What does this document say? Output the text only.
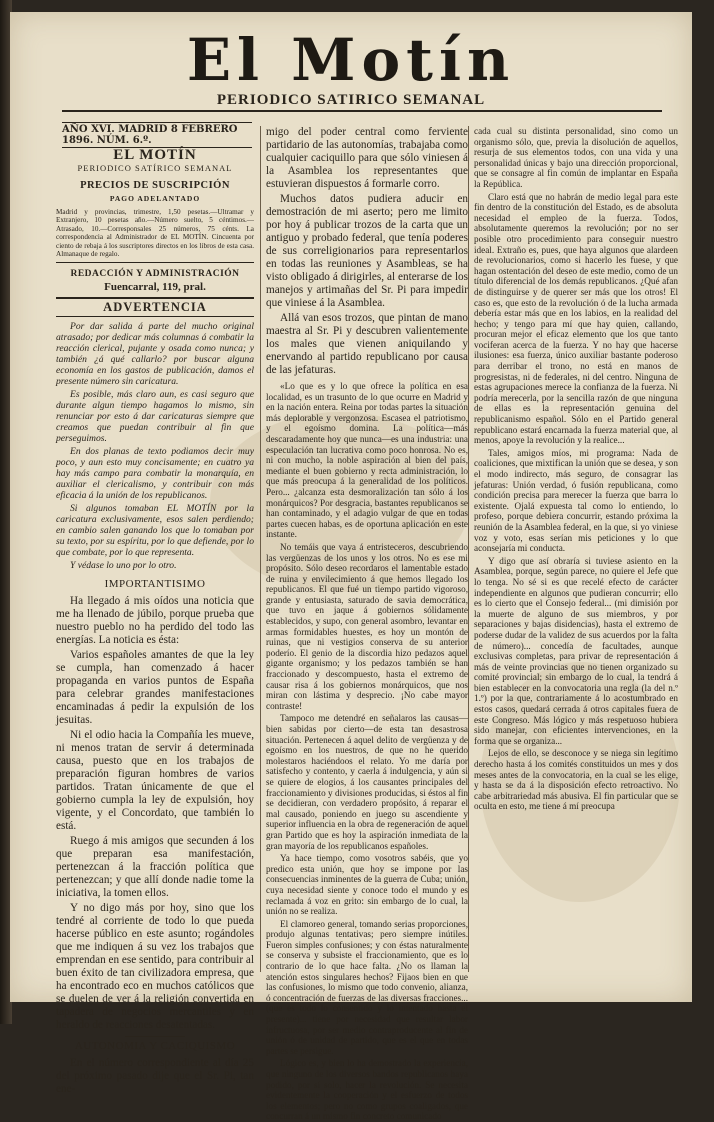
El Motín
PERIODICO SATIRICO SEMANAL
AÑO XVI. MADRID 8 FEBRERO 1896. NÚM. 6.º.
EL MOTÍN
PERIODICO SATÍRICO SEMANAL
PRECIOS DE SUSCRIPCIÓN
PAGO ADELANTADO
Madrid y provincias, trimestre, 1,50 pesetas.—Ultramar y Extranjero, 10 pesetas año.—Número suelto, 5 céntimos.—Atrasado, 10.—Corresponsales 25 números, 75 cénts. La correspondencia al Administrador de EL MOTÍN. Cincuenta por ciento de rebaja á los suscriptores directos en los libros de esta casa. Almanaque de regalo.
REDACCIÓN Y ADMINISTRACIÓN
Fuencarral, 119, pral.
ADVERTENCIA

Por dar salida á parte del mucho original atrasado; por dedicar más columnas á combatir la reacción clerical, pujante y osada como nunca; y también ¿á qué callarlo? por buscar alguna economía en los gastos de publicación, damos el presente número sin caricatura.

Es posible, más claro aun, es casi seguro que durante algun tiempo hagamos lo mismo, sin renunciar por esto á dar caricaturas siempre que creamos que puedan contribuir al fin que perseguimos.

En dos planas de texto podiamos decir muy poco, y aun esto muy concisamente; en cuatro ya hay más campo para combatir la monarquía, en auxiliar el clericalismo, y contribuir con más eficacia á la unión de los republicanos.

Si algunos tomaban EL MOTÍN por la caricatura exclusivamente, esos salen perdiendo; en cambio salen ganando los que lo tomaban por su texto, por su espíritu, por lo que defiende, por lo que combate, por lo que representa.

Y védase lo uno por lo otro.

IMPORTANTISIMO

Ha llegado á mis oídos una noticia que me ha llenado de júbilo, porque prueba que nuestro pueblo no ha perdido del todo las energías. La noticia es ésta:

Varios españoles amantes de que la ley se cumpla, han comenzado á hacer propaganda en varios puntos de España para celebrar grandes manifestaciones encaminadas á pedir la expulsión de los jesuitas.

Ni el odio hacia la Compañía les mueve, ni menos tratan de servir á determinada causa, puesto que en los trabajos de preparación figuran hombres de varios partidos. Tratan únicamente de que el gobierno cumpla la ley de expulsión, hoy vigente, y el Concordato, que también lo está.

Ruego á mis amigos que secunden á los que preparan esa manifestación, pertenezcan á la fracción política que pertenezcan; y que allí donde nadie tome la iniciativa, la tomen ellos.

Y no digo más por hoy, sino que los tendré al corriente de todo lo que pueda hacerse público en este asunto; rogándoles que me indiquen á su vez los trabajos que emprendan en ese sentido, para contribuir al buen éxito de tan civilizadora empresa, que ha encontrado eco en muchos católicos que se duelen de ver á la religión convertida en tapadera de negocios mercantiles y en heraldo de reacciones desatentadas.

AUTONOMIA Y CACIQUISMO

En el número correspondiente al día 25 del próximo pasado dije que el Sr. Pi, tan ene-

migo del poder central como ferviente partidario de las autonomías, trabajaba como cualquier caciquillo para que sólo viniesen á la Asamblea los representantes que estuvieran dispuestos á formarle corro.

Muchos datos pudiera aducir en demostración de mi aserto; pero me limito por hoy á publicar trozos de la carta que un antiguo y probado federal, que tenía poderes de sus correligionarios para representarlos en todas las reuniones y Asambleas, se ha visto obligado á dirigirles, al enterarse de los manejos y artimañas del Sr. Pi para impedir que viniese á la Asamblea.

Allá van esos trozos, que pintan de mano maestra al Sr. Pi y descubren valientemente los males que vienen aniquilando y enervando al partido republicano por causa de las jefaturas.

«Lo que es y lo que ofrece la política en esa localidad, es un trasunto de lo que ocurre en Madrid y en la nación entera. Reina por todas partes la situación más deplorable y vergonzosa. Escasea el patriotismo, y el egoísmo domina. La política—más descaradamente hoy que nunca—es una industria: una especulación tan lucrativa como poco honrosa. No es, ni con mucho, la noble aspiración al bien del país, mediante el buen gobierno y recta administración, lo que más preocupa á la generalidad de los políticos. Pero... ¿alcanza esta desmoralización tan sólo á los monárquicos? Por desgracia, bastantes republicanos se han contaminado, y el adagio vulgar de que en todas partes cuecen habas, es de oportuna aplicación en este instante.

No temáis que vaya á entristeceros, descubriendo las vergüenzas de los unos y los otros. No es ese mi propósito. Sólo deseo recordaros el lamentable estado de ruina y envilecimiento á que hemos llegado los republicanos. El que fué un tiempo partido vigoroso, grande y entusiasta, saturado de savia democrática, que tuvo en jaque á gobiernos sólidamente establecidos, y supo, con general asombro, levantar en armas formidables huestes, es hoy un montón de ruinas, que ni vestigios conserva de su anterior poderío. El genio de la discordia hizo pedazos aquel gigante organismo; y los pedazos también se han fraccionado y descompuesto, hasta el extremo de causar risa á los gobiernos monárquicos, que nos miran con lástima y desprecio. ¡No cabe mayor contraste!

Tampoco me detendré en señalaros las causas—bien sabidas por cierto—de esta tan desastrosa situación. Pertenecen á aquel delito de vergüenza y de egoísmo en los nuestros, de que no he querido molestaros haciéndoos el relato. Yo me daría por satisfecho y contento, y caerla á indulgencia, y aún si se quiere de elogios, á los causantes principales del fraccionamiento y divisiones producidas, si éstos al fin se decidieran, con verdadero propósito, á reparar el mal causado, poniendo en juego su ascendiente y superior influencia en la obra de regeneración de aquel gran Partido que es hoy la aspiración inmediata de la gran mayoría de los republicanos españoles.

Ya hace tiempo, como vosotros sabéis, que yo predico esta unión, que hoy se impone por las consecuencias inminentes de la guerra de Cuba; unión, cuya necesidad siente y conoce todo el mundo y es reclamada á voz en grito: sin embargo de lo cual, la unión no se realiza.

El clamoreo general, tomando serias proporciones, produjo algunas tentativas; pero siempre inútiles. Fueron simples confusiones; y con éstas naturalmente se conserva y subsiste el fraccionamiento, que es lo contrario de lo que hace falta. ¿No os llaman la atención estos singulares hechos? Fijaos bien en que las confusiones, lo mismo que todo convenio, alianza, ó concentración de fuerzas de las diversas fracciones... (que es todo lo consentido y lo intentado hasta el presente)... tiene por necesidad que resultar labor infructuosa, por ser medio contraproducente al fin de unión ó de unidad de partido, que es el que en todas partes se persigue.

Lógico es, y bien lo ha demostrado la experiencia, que ninguno de los diversos bandos republicanos haya podido, por sí solo, hacer la revolución. Se necesita evidentemente la cooperación y el esfuerzo de todos los elementos; pero no como grupos coaligados, que concurran á un mismo fin concreto comunicado

cada cual su distinta personalidad, sino como un organismo sólo, que, previa la disolución de aquellos, resurja de sus elementos todos, con una vida y una personalidad únicas y bajo una dirección proporcional, que se consagre al fin común de implantar en España la República.

Claro está que no habrán de medio legal para este fin dentro de la constitución del Estado, es de absoluta necesidad el empleo de la fuerza. Todos, absolutamente queremos la revolución; por no ser posible otro procedimiento para conseguir nuestro ideal. Extraño es, pues, que haya algunos que alardeen de revolucionarios, como si hacerlo les fuese, y que hagan ostentación del deseo de este medio, como de un título diferencial de los demás republicanos. ¿Qué afan de distinguirse y de querer ser más que los otros! El caso es, que esto de la revolución ó de la lucha armada debería estar más que en los labios, en la realidad del hecho; y tengo para mí que hay quien, callando, procuran mejor el eficaz elemento que los que tanto vociferan acerca de la fuerza. Y no hay que hacerse ilusiones: esa fuerza, único auxiliar bastante poderoso para derribar el trono, no está en manos de progresistas, ni de federales, ni del centro. Ninguna de estas agrupaciones merece la confianza de la fuerza. Ni podría merecerla, por la sencilla razón de que ninguna de ellas es la representación genuina del republicanismo español. Sólo en el Partido general republicano estará encarnada la fuerza material que, al menos, apoye la revolución y la realice...

Tales, amigos míos, mi programa: Nada de coaliciones, que mixtifican la unión que se desea, y son el modo indirecto, más seguro, de consagrar las jefaturas: Unión verdad, ó fusión republicana, como condición precisa para merecer la fuerza que barra lo existente. Ojalá expuesta tal como lo entiendo, lo profeso, porque debiera concurrir, estando próxima la reunión de la Asamblea federal, en la que, si yo viniese voz y voto, esas serían mis peticiones y lo que aconsejaría mi conducta.

Y digo que así obraría si tuviese asiento en la Asamblea, porque, según parece, no quiere el Jefe que lo tenga. No sé si es que recelé efecto de carácter independiente en algunos que pudieran concurrir; ello es lo cierto que el Consejo federal... (mi dimisión por la muerte de alguno de sus miembros, y por separaciones y bajas disidencias), hasta el extremo de poderse dudar de la validez de sus acuerdos por la falta de número)... concedía de facultades, aunque exclusivas completas, para privar de representación á más de veinte provincias que no tienen organizado su comité provincial; sin embargo de lo cual, la tendrá á bien establecer en la convocatoria una regla (la del n.º 1.º) por la que, contrariamente á lo acostumbrado en estos casos, quedará cerrada á otros capitales fuera de este Congreso. Más lógico y más respetuoso hubiera sido manejar, con eficientes intervenciones, en la forma que se organiza...

Lejos de ello, se desconoce y se niega sin legítimo derecho hasta á los comités constituidos un mes y dos meses antes de la convocatoria, en la cual se les elige, y hasta se da á la disposición efecto retroactivo. No cabe arbitrariedad más abusiva. El fin particular que se oculta en esto, me tiene á mí preocupa
